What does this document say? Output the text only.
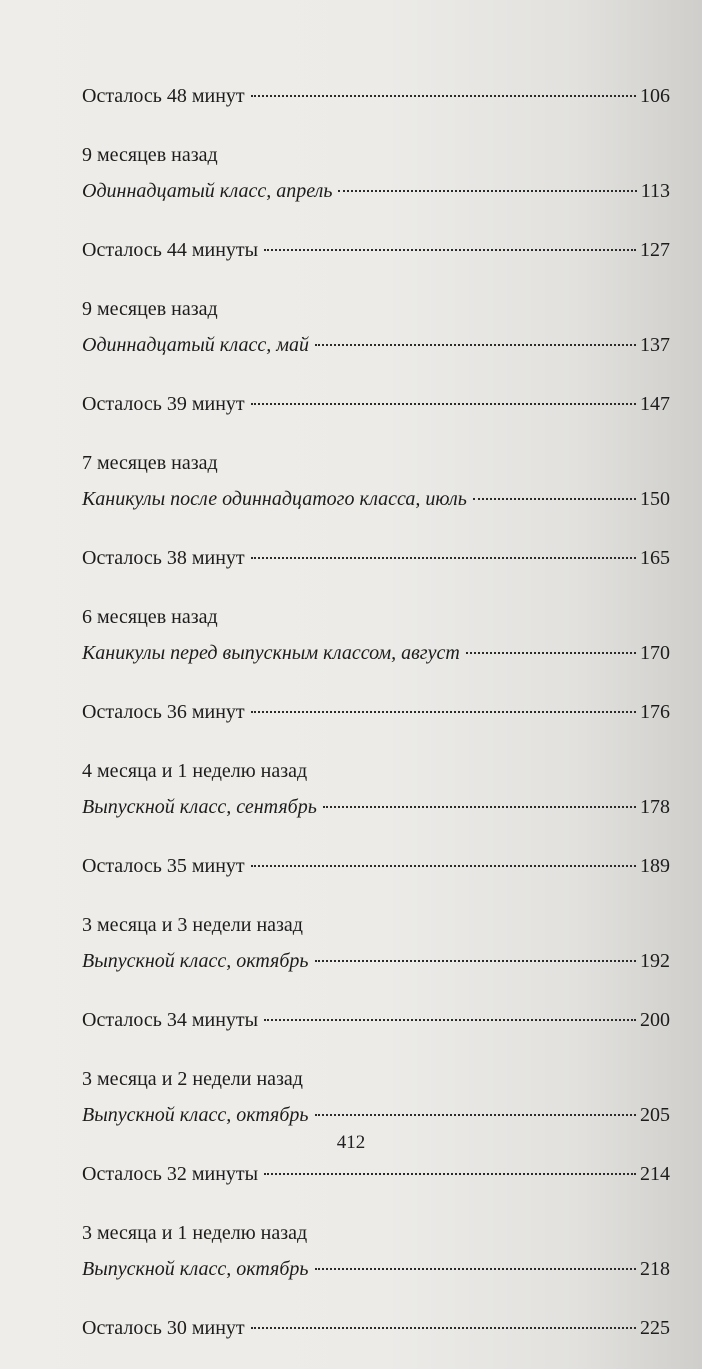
Осталось 48 минут	106
9 месяцев назад
Одиннадцатый класс, апрель	113
Осталось 44 минуты	127
9 месяцев назад
Одиннадцатый класс, май	137
Осталось 39 минут	147
7 месяцев назад
Каникулы после одиннадцатого класса, июль	150
Осталось 38 минут	165
6 месяцев назад
Каникулы перед выпускным классом, август	170
Осталось 36 минут	176
4 месяца и 1 неделю назад
Выпускной класс, сентябрь	178
Осталось 35 минут	189
3 месяца и 3 недели назад
Выпускной класс, октябрь	192
Осталось 34 минуты	200
3 месяца и 2 недели назад
Выпускной класс, октябрь	205
Осталось 32 минуты	214
3 месяца и 1 неделю назад
Выпускной класс, октябрь	218
Осталось 30 минут	225
412
